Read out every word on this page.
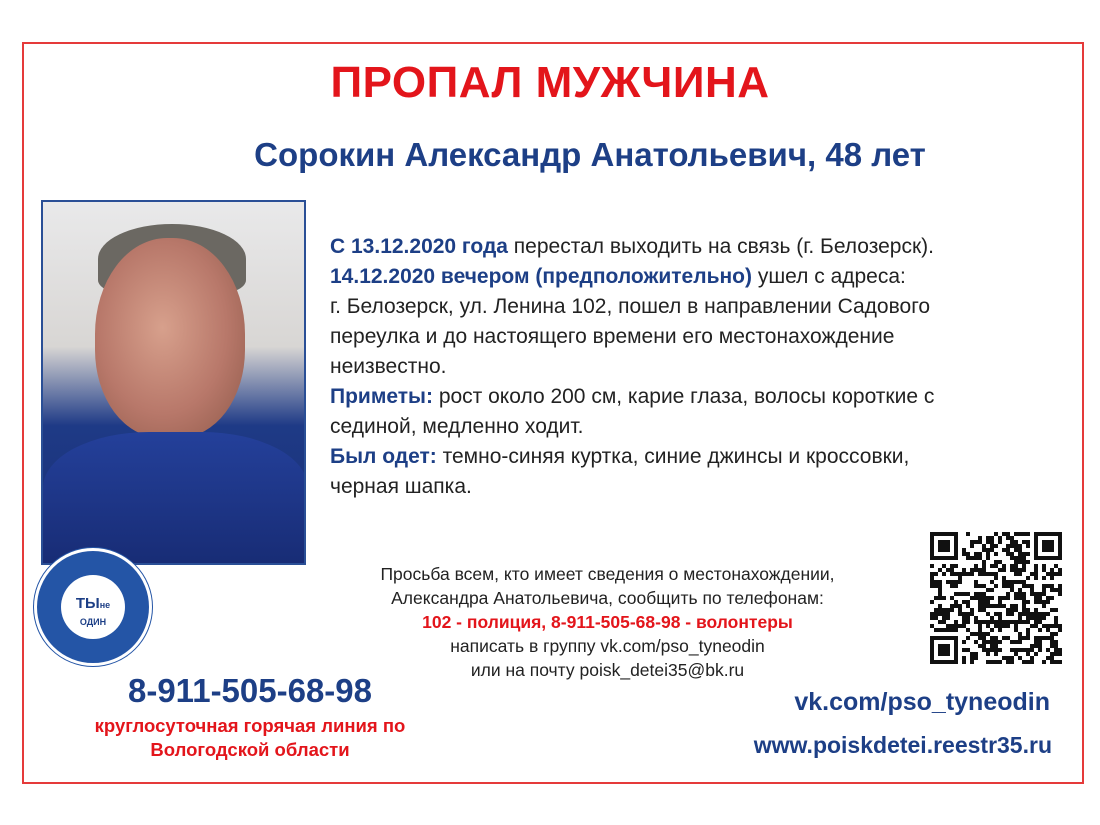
ПРОПАЛ МУЖЧИНА
Сорокин Александр Анатольевич, 48 лет
ТЫне
ОДИН

С 13.12.2020 года перестал выходить на связь (г. Белозерск).

14.12.2020 вечером (предположительно) ушел с адреса:

г. Белозерск, ул. Ленина 102, пошел в направлении Садового

переулка и до настоящего времени его местонахождение

неизвестно.

Приметы: рост около 200 см, карие глаза, волосы короткие с

сединой, медленно ходит.

Был одет: темно-синяя куртка, синие джинсы и кроссовки,

черная шапка.

Просьба всем, кто имеет сведения о местонахождении,
Александра Анатольевича, сообщить по телефонам:
102 - полиция, 8-911-505-68-98 - волонтеры
написать в группу vk.com/pso_tyneodin
или на почту poisk_detei35@bk.ru
8-911-505-68-98
круглосуточная горячая линия по
Вологодской области
vk.com/pso_tyneodin
www.poiskdetei.reestr35.ru
